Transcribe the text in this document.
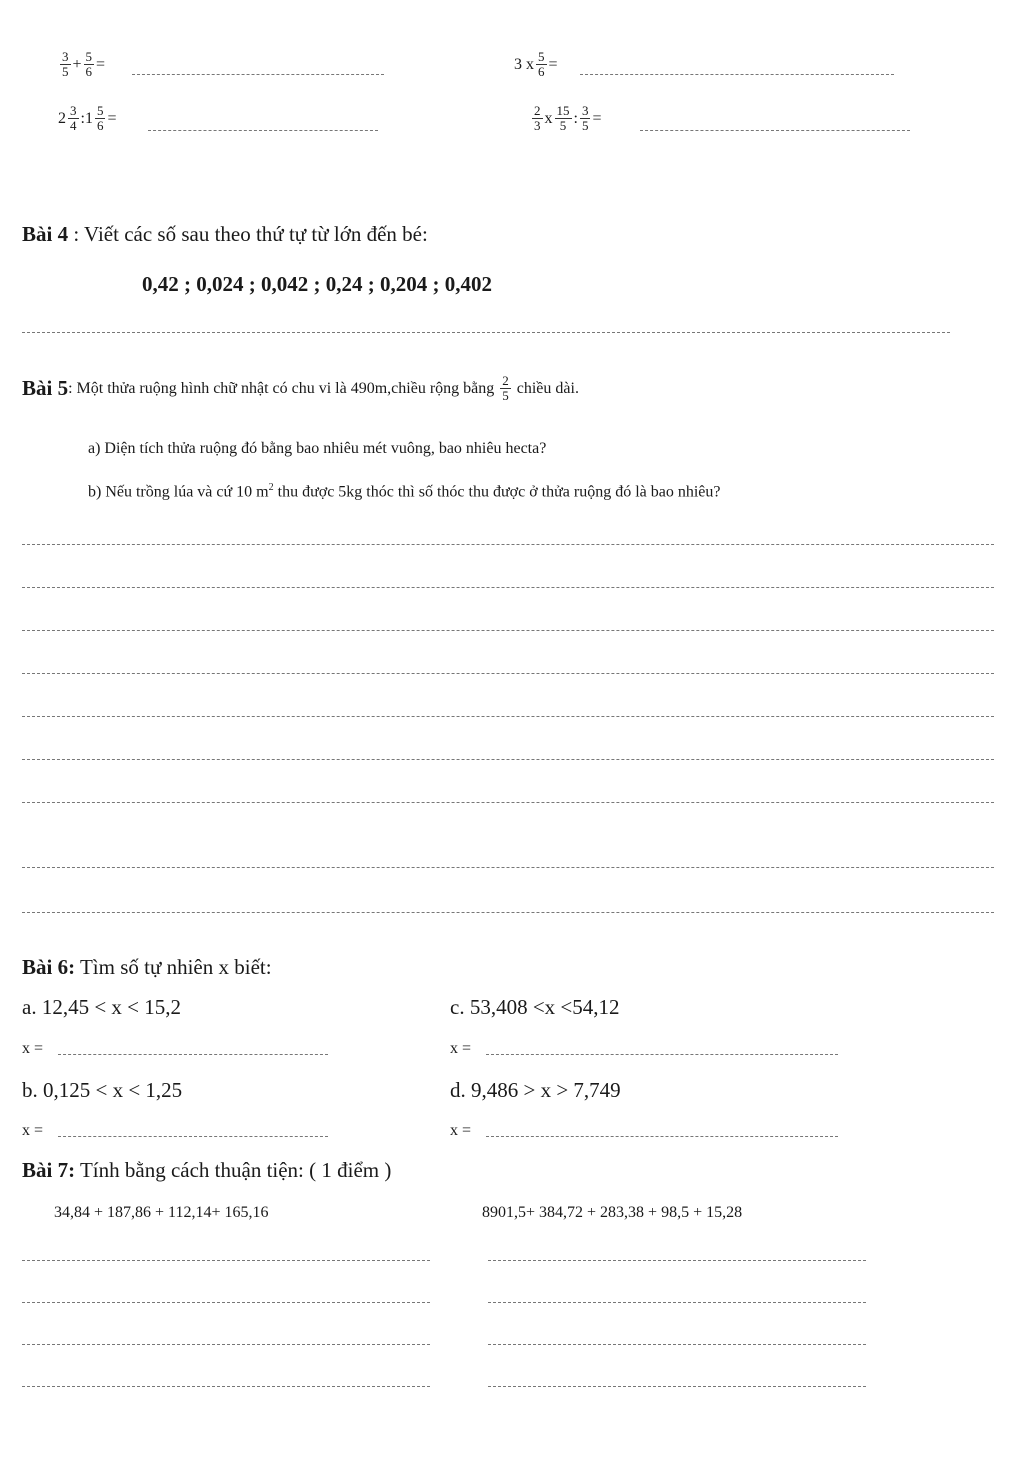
$\frac{3}{5} + \frac{5}{6}$ =	3 x $\frac{5}{6}$ =
$2 \frac{3}{4}$ : $1 \frac{5}{6}$ =	$\frac{2}{3}$ x $\frac{15}{5}$ : $\frac{3}{5}$ =
Bài 4 : Viết các số sau theo thứ tự từ lớn đến bé:
0,42 ; 0,024 ; 0,042 ; 0,24 ; 0,204 ; 0,402
Bài 5 : Một thửa ruộng hình chữ nhật có chu vi là 490m,chiều rộng bằng $\frac{2}{5}$ chiều dài.
a) Diện tích thửa ruộng đó bằng bao nhiêu mét vuông, bao nhiêu hecta?
b) Nếu trồng lúa và cứ 10 $m^2$ thu được 5kg thóc thì số thóc thu được ở thửa ruộng đó là bao nhiêu?
Bài 6: Tìm số tự nhiên x biết:
a. 12,45 < x < 15,2	c. 53,408 <x <54,12
x =	x =
b. 0,125 < x < 1,25	d. 9,486 > x > 7,749
x =	x =
Bài 7: Tính bằng cách thuận tiện: ( 1 điểm )
34,84 + 187,86 + 112,14+ 165,16	8901,5+ 384,72 + 283,38 + 98,5 + 15,28
